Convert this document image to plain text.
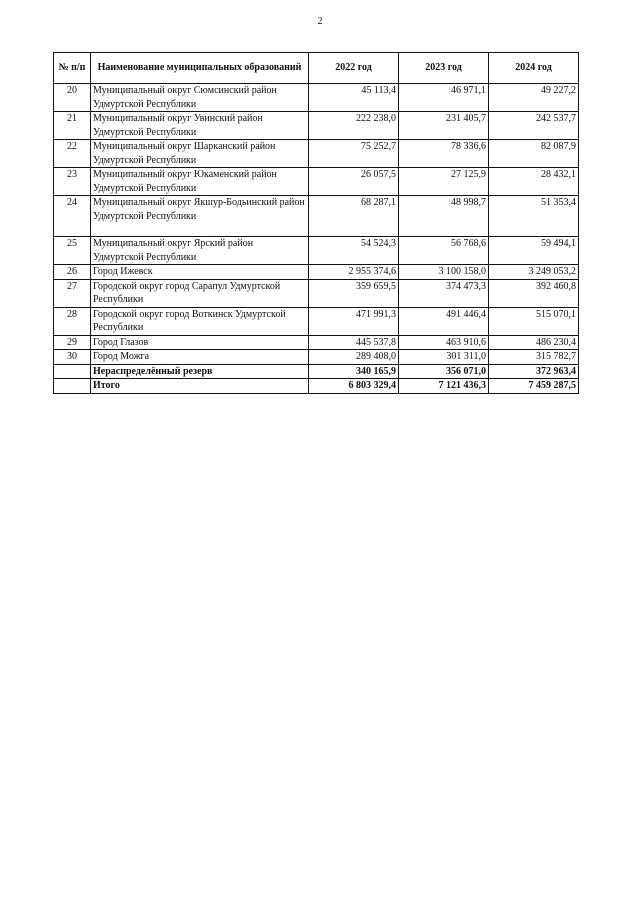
2
№ п/п	Наименование муниципальных образований	2022 год	2023 год	2024 год
20	Муниципальный округ Сюмсинский район Удмуртской Республики	45 113,4	46 971,1	49 227,2
21	Муниципальный округ Увинский район Удмуртской Республики	222 238,0	231 405,7	242 537,7
22	Муниципальный округ Шарканский район Удмуртской Республики	75 252,7	78 336,6	82 087,9
23	Муниципальный округ Юкаменский район Удмуртской Республики	26 057,5	27 125,9	28 432,1
24	Муниципальный округ Якшур-Бодьинский район Удмуртской Республики	68 287,1	48 998,7	51 353,4
25	Муниципальный округ Ярский район Удмуртской Республики	54 524,3	56 768,6	59 494,1
26	Город Ижевск	2 955 374,6	3 100 158,0	3 249 053,2
27	Городской округ город Сарапул Удмуртской Республики	359 659,5	374 473,3	392 460,8
28	Городской округ город Воткинск Удмуртской Республики	471 991,3	491 446,4	515 070,1
29	Город Глазов	445 537,8	463 910,6	486 230,4
30	Город Можга	289 408,0	301 311,0	315 782,7
	Нераспределённый резерв	340 165,9	356 071,0	372 963,4
	Итого	6 803 329,4	7 121 436,3	7 459 287,5
